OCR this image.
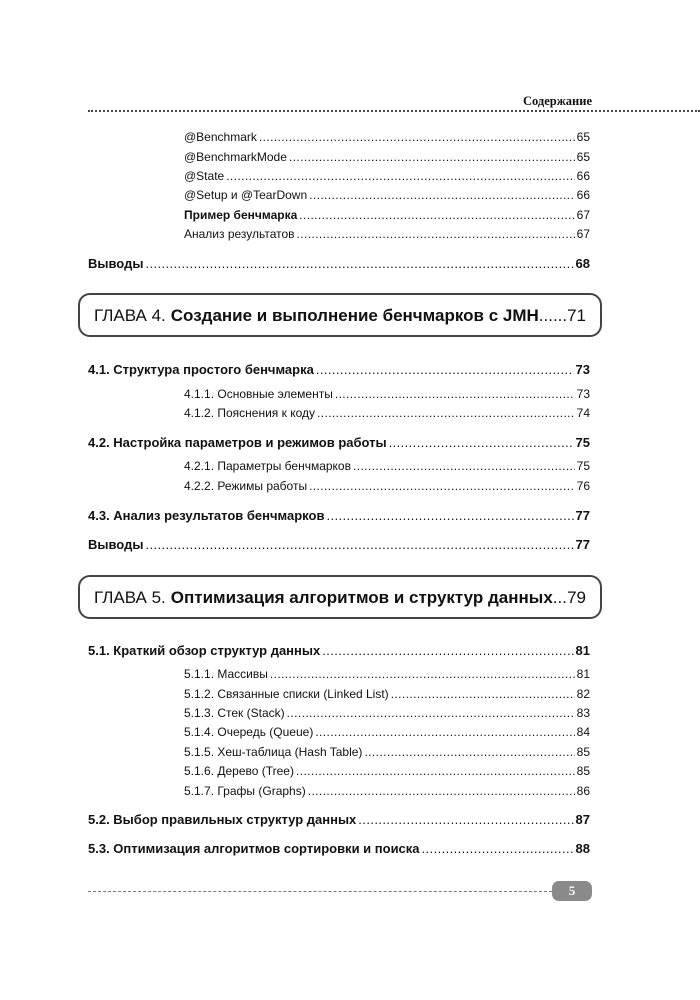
Содержание
@Benchmark .....	65
@BenchmarkMode .....	65
@State .....	66
@Setup и @TearDown .....	66
Пример бенчмарка .....	67
Анализ результатов .....	67
Выводы .....	68
ГЛАВА 4. Создание и выполнение бенчмарков с JMH ..... 71
4.1. Структура простого бенчмарка .....	73
4.1.1. Основные элементы .....	73
4.1.2. Пояснения к коду .....	74
4.2. Настройка параметров и режимов работы .....	75
4.2.1. Параметры бенчмарков .....	75
4.2.2. Режимы работы .....	76
4.3. Анализ результатов бенчмарков .....	77
Выводы .....	77
ГЛАВА 5. Оптимизация алгоритмов и структур данных ..... 79
5.1. Краткий обзор структур данных .....	81
5.1.1. Массивы .....	81
5.1.2. Связанные списки (Linked List) .....	82
5.1.3. Стек (Stack) .....	83
5.1.4. Очередь (Queue) .....	84
5.1.5. Хеш-таблица (Hash Table) .....	85
5.1.6. Дерево (Tree) .....	85
5.1.7. Графы (Graphs) .....	86
5.2. Выбор правильных структур данных .....	87
5.3. Оптимизация алгоритмов сортировки и поиска .....	88
5
